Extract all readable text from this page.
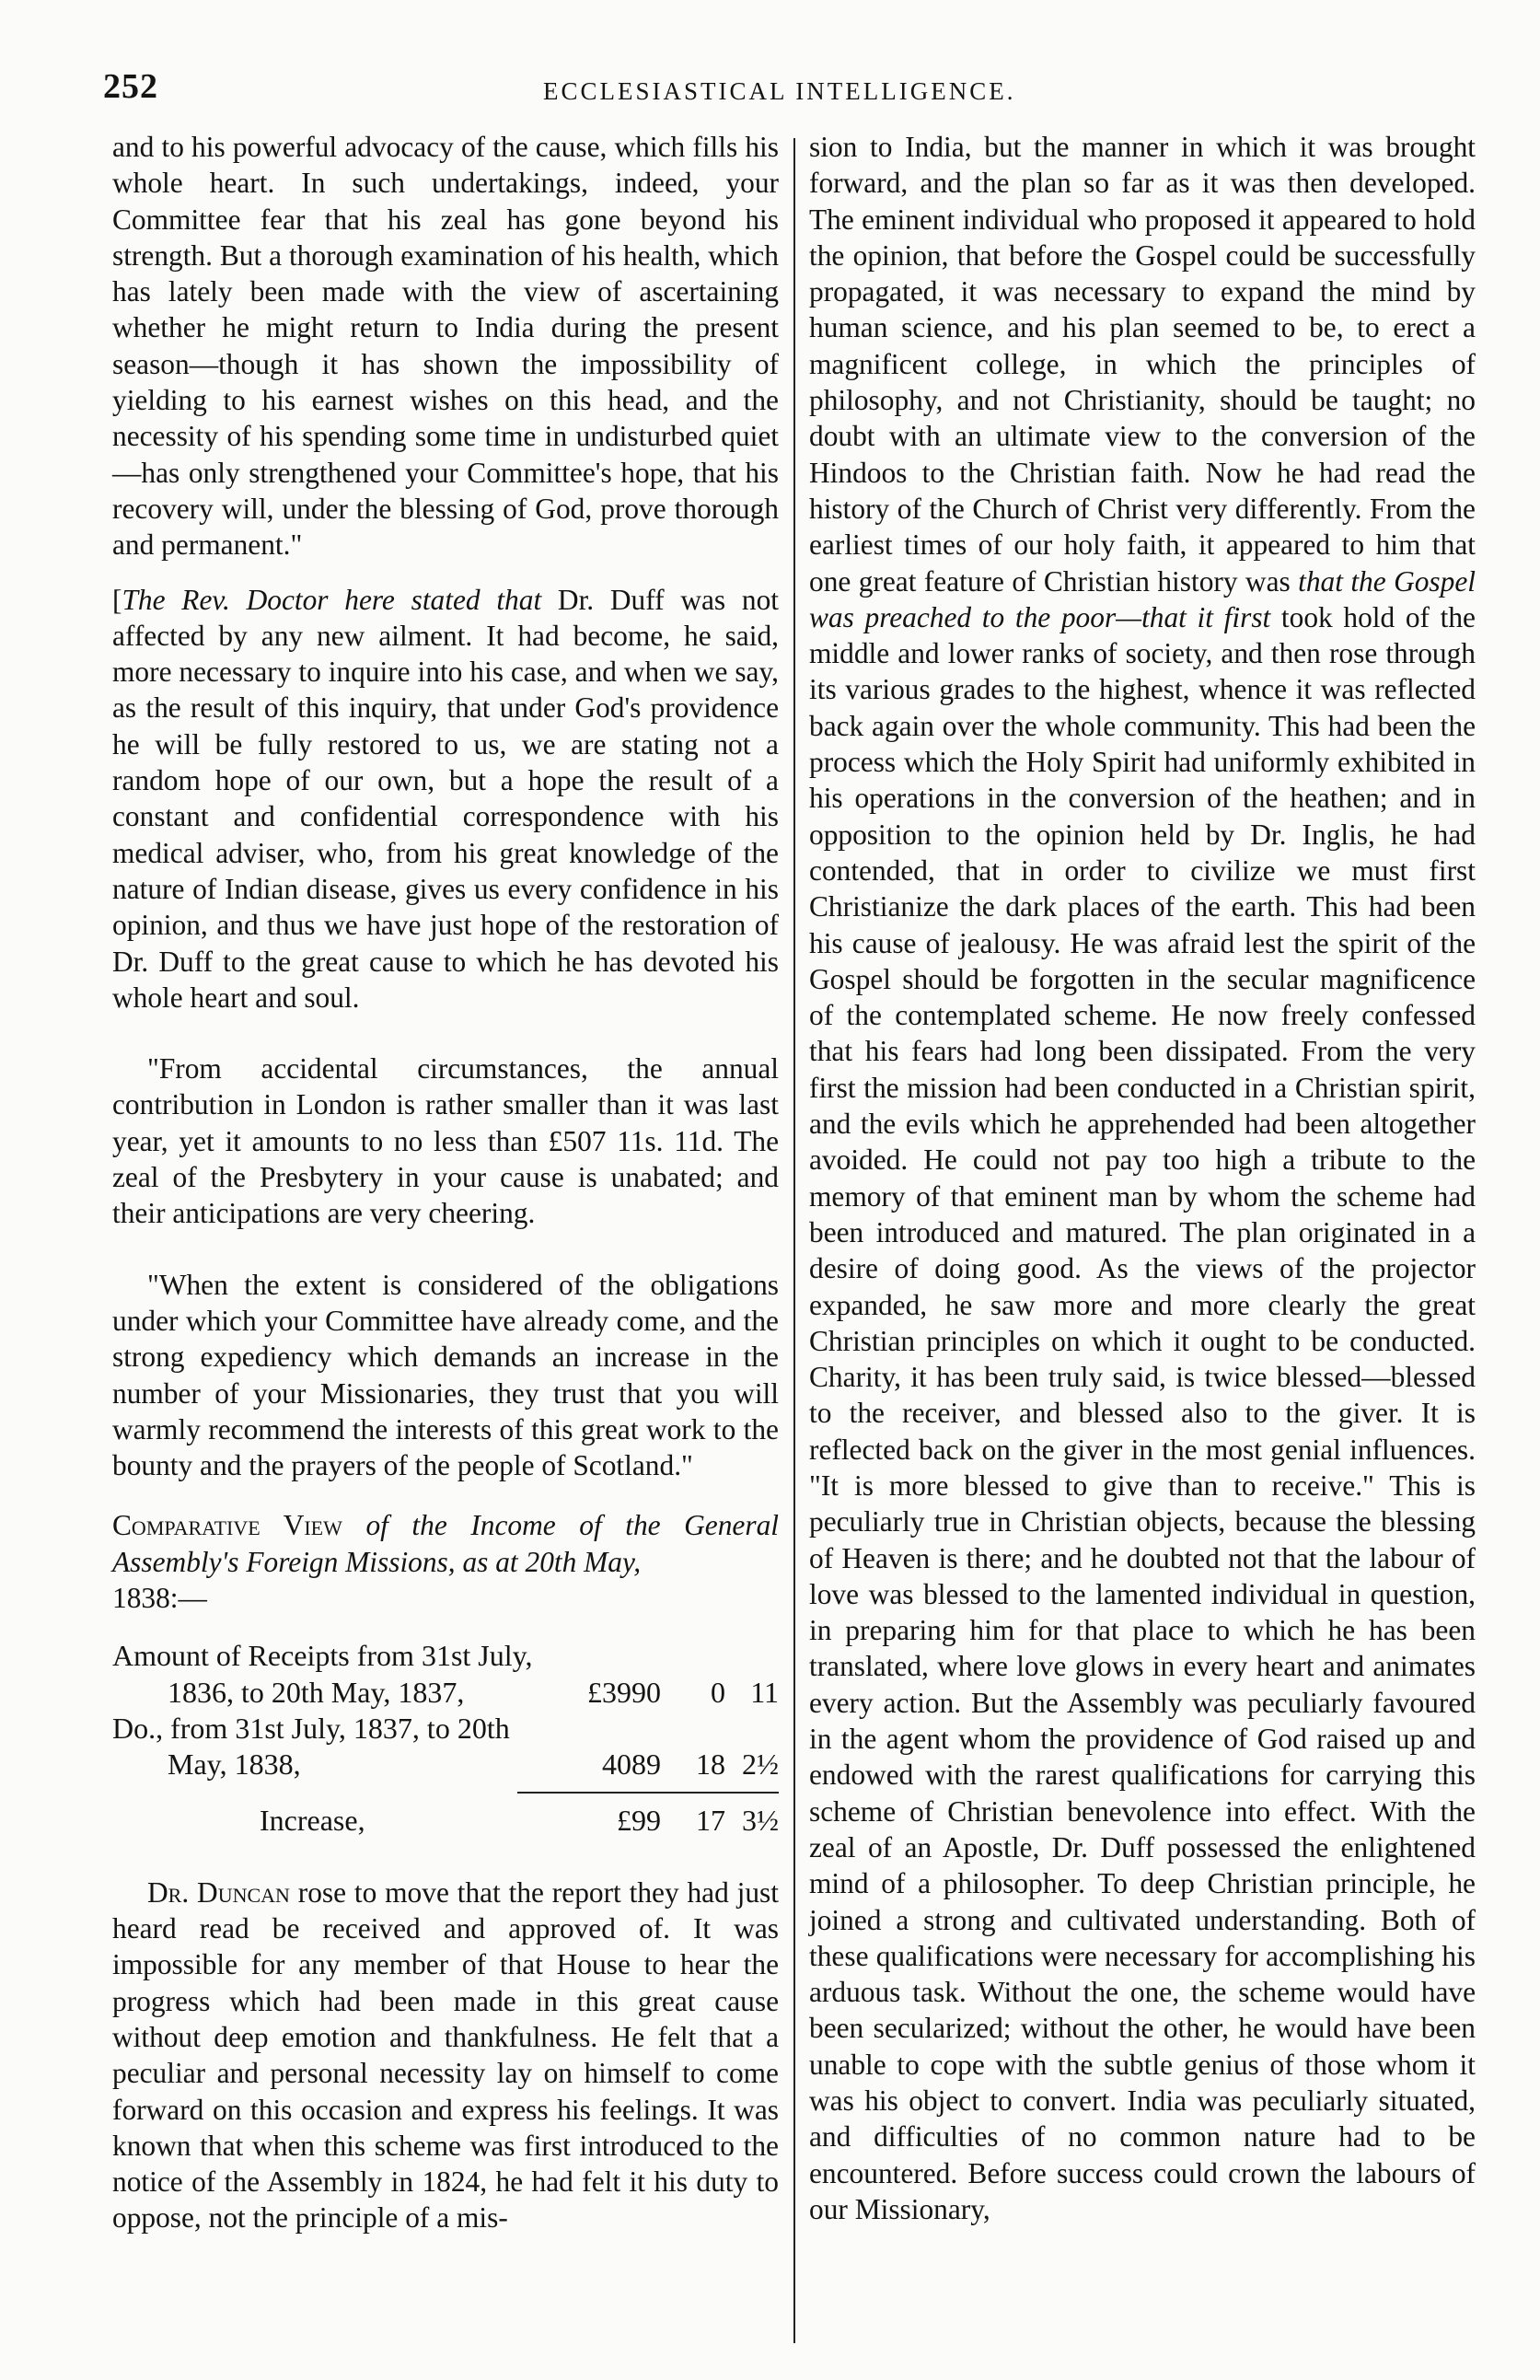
252	ECCLESIASTICAL INTELLIGENCE.

and to his powerful advocacy of the cause, which fills his whole heart. In such undertakings, indeed, your Committee fear that his zeal has gone beyond his strength. But a thorough examination of his health, which has lately been made with the view of ascertaining whether he might return to India during the present season—though it has shown the impossibility of yielding to his earnest wishes on this head, and the necessity of his spending some time in undisturbed quiet—has only strengthened your Committee's hope, that his recovery will, under the blessing of God, prove thorough and permanent."

[The Rev. Doctor here stated that Dr. Duff was not affected by any new ailment. It had become, he said, more necessary to inquire into his case, and when we say, as the result of this inquiry, that under God's providence he will be fully restored to us, we are stating not a random hope of our own, but a hope the result of a constant and confidential correspondence with his medical adviser, who, from his great knowledge of the nature of Indian disease, gives us every confidence in his opinion, and thus we have just hope of the restoration of Dr. Duff to the great cause to which he has devoted his whole heart and soul.

"From accidental circumstances, the annual contribution in London is rather smaller than it was last year, yet it amounts to no less than £507 11s. 11d. The zeal of the Presbytery in your cause is unabated; and their anticipations are very cheering.

"When the extent is considered of the obligations under which your Committee have already come, and the strong expediency which demands an increase in the number of your Missionaries, they trust that you will warmly recommend the interests of this great work to the bounty and the prayers of the people of Scotland."

Comparative View of the Income of the General Assembly's Foreign Missions, as at 20th May,
1838:—

Amount of Receipts from 31st July,
1836, to 20th May, 1837,	£3990	0 11
Do., from 31st July, 1837, to 20th
May, 1838,	4089	18 2½
Increase,	£99	17 3½

Dr. Duncan rose to move that the report they had just heard read be received and approved of. It was impossible for any member of that House to hear the progress which had been made in this great cause without deep emotion and thankfulness. He felt that a peculiar and personal necessity lay on himself to come forward on this occasion and express his feelings. It was known that when this scheme was first introduced to the notice of the Assembly in 1824, he had felt it his duty to oppose, not the principle of a mis-

sion to India, but the manner in which it was brought forward, and the plan so far as it was then developed. The eminent individual who proposed it appeared to hold the opinion, that before the Gospel could be successfully propagated, it was necessary to expand the mind by human science, and his plan seemed to be, to erect a magnificent college, in which the principles of philosophy, and not Christianity, should be taught; no doubt with an ultimate view to the conversion of the Hindoos to the Christian faith. Now he had read the history of the Church of Christ very differently. From the earliest times of our holy faith, it appeared to him that one great feature of Christian history was that the Gospel was preached to the poor—that it first took hold of the middle and lower ranks of society, and then rose through its various grades to the highest, whence it was reflected back again over the whole community. This had been the process which the Holy Spirit had uniformly exhibited in his operations in the conversion of the heathen; and in opposition to the opinion held by Dr. Inglis, he had contended, that in order to civilize we must first Christianize the dark places of the earth. This had been his cause of jealousy. He was afraid lest the spirit of the Gospel should be forgotten in the secular magnificence of the contemplated scheme. He now freely confessed that his fears had long been dissipated. From the very first the mission had been conducted in a Christian spirit, and the evils which he apprehended had been altogether avoided. He could not pay too high a tribute to the memory of that eminent man by whom the scheme had been introduced and matured. The plan originated in a desire of doing good. As the views of the projector expanded, he saw more and more clearly the great Christian principles on which it ought to be conducted. Charity, it has been truly said, is twice blessed—blessed to the receiver, and blessed also to the giver. It is reflected back on the giver in the most genial influences. "It is more blessed to give than to receive." This is peculiarly true in Christian objects, because the blessing of Heaven is there; and he doubted not that the labour of love was blessed to the lamented individual in question, in preparing him for that place to which he has been translated, where love glows in every heart and animates every action. But the Assembly was peculiarly favoured in the agent whom the providence of God raised up and endowed with the rarest qualifications for carrying this scheme of Christian benevolence into effect. With the zeal of an Apostle, Dr. Duff possessed the enlightened mind of a philosopher. To deep Christian principle, he joined a strong and cultivated understanding. Both of these qualifications were necessary for accomplishing his arduous task. Without the one, the scheme would have been secularized; without the other, he would have been unable to cope with the subtle genius of those whom it was his object to convert. India was peculiarly situated, and difficulties of no common nature had to be encountered. Before success could crown the labours of our Missionary,
